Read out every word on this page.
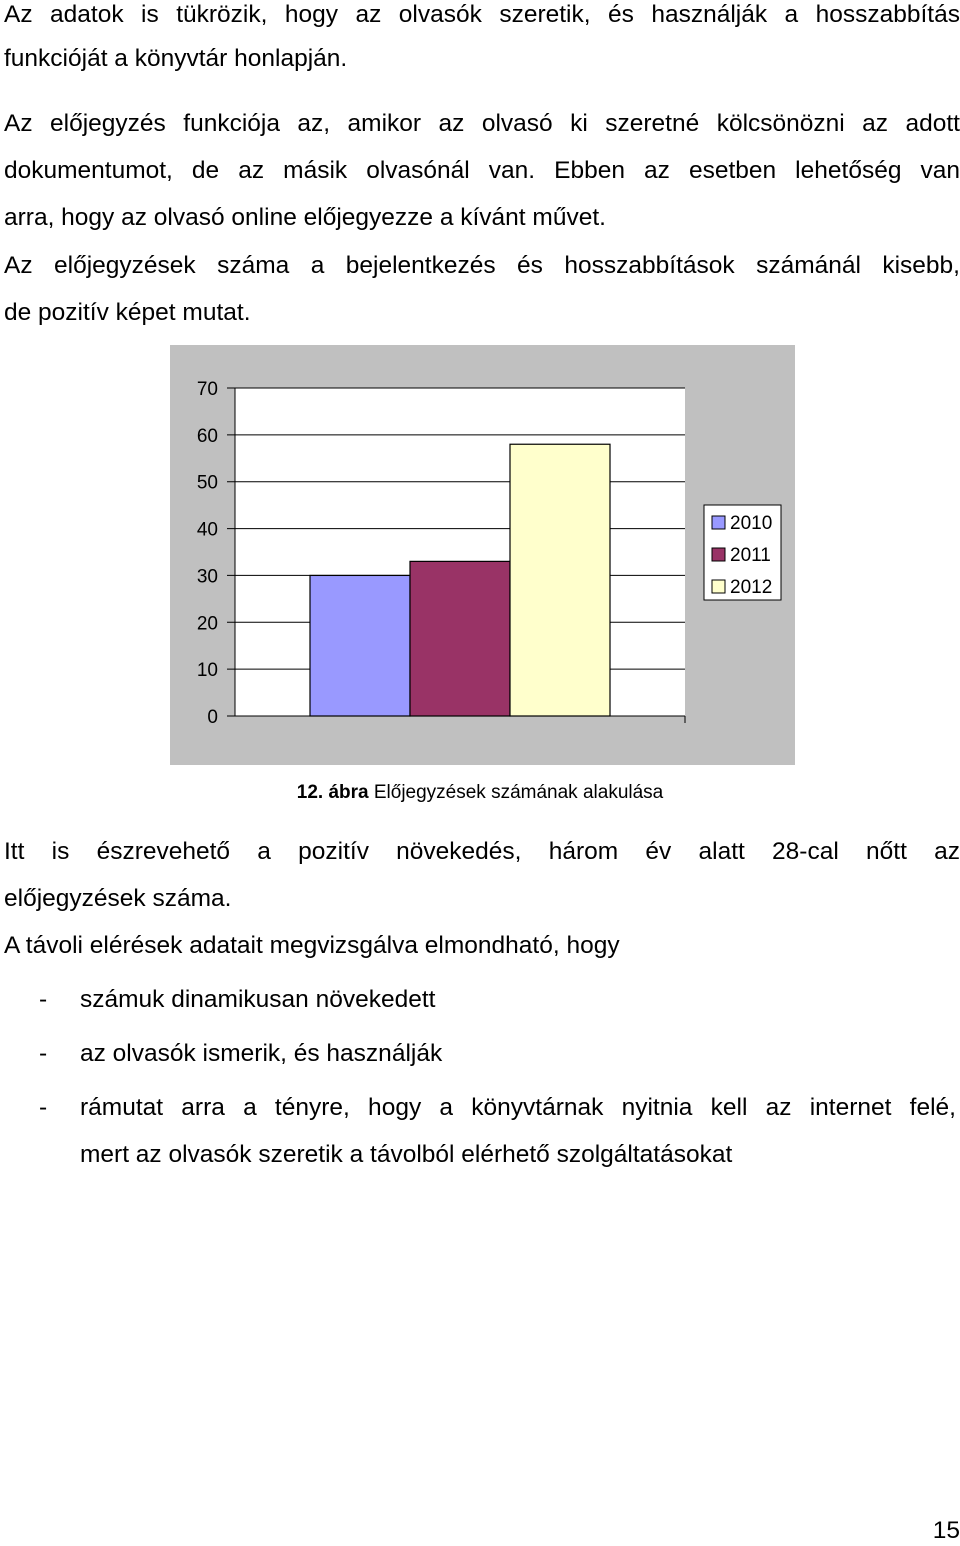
Az adatok is tükrözik, hogy az olvasók szeretik, és használják a hosszabbítás

funkcióját a könyvtár honlapján.

Az előjegyzés funkciója az, amikor az olvasó ki szeretné kölcsönözni az adott

dokumentumot, de az másik olvasónál van. Ebben az esetben lehetőség van

arra, hogy az olvasó online előjegyezze a kívánt művet.

Az előjegyzések száma a bejelentkezés és hosszabbítások számánál kisebb,

de pozitív képet mutat.

0
10
20
30
40
50
60
70
2010
2011
2012

12. ábra Előjegyzések számának alakulása

Itt is észrevehető a pozitív növekedés, három év alatt 28-cal nőtt az

előjegyzések száma.

A távoli elérések adatait megvizsgálva elmondható, hogy

- számuk dinamikusan növekedett

- az olvasók ismerik, és használják

- rámutat arra a tényre, hogy a könyvtárnak nyitnia kell az internet felé,

mert az olvasók szeretik a távolból elérhető szolgáltatásokat

15
